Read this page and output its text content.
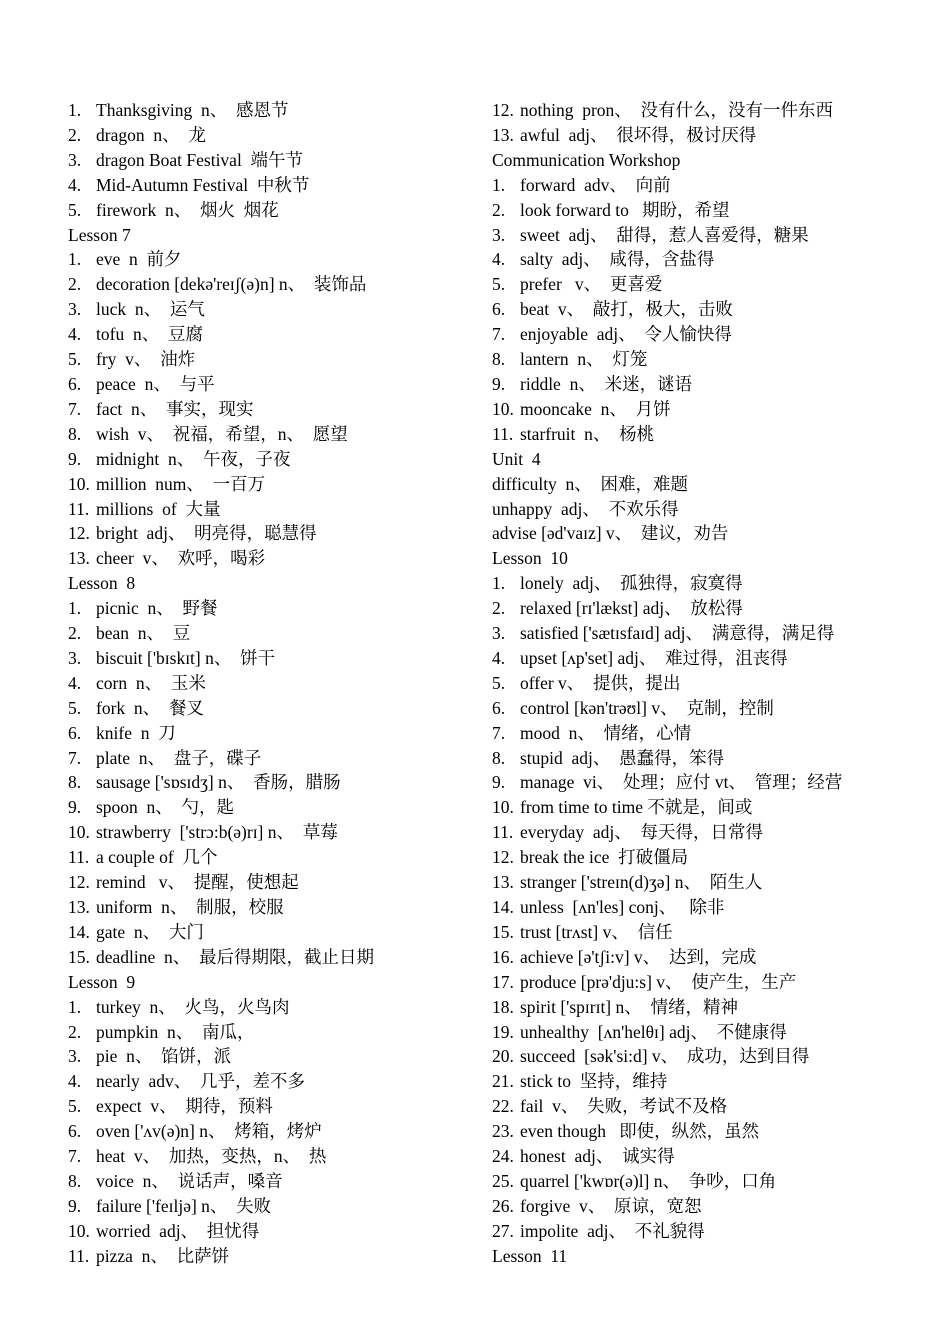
1. Thanksgiving  n、  感恩节
2. dragon  n、  龙
3. dragon Boat Festival  端午节
4. Mid-Autumn Festival  中秋节
5. firework  n、  烟火  烟花
Lesson 7
1. eve  n  前夕
2. decoration [dekə'reɪʃ(ə)n] n、  装饰品
3. luck  n、  运气
4. tofu  n、  豆腐
5. fry  v、  油炸
6. peace  n、  与平
7. fact  n、  事实，现实
8. wish  v、  祝福，希望，n、  愿望
9. midnight  n、  午夜，子夜
10. million  num、  一百万
11. millions  of  大量
12. bright  adj、  明亮得，聪慧得
13. cheer  v、  欢呼，喝彩
Lesson  8
1. picnic  n、  野餐
2. bean  n、  豆
3. biscuit ['bɪskɪt] n、  饼干
4. corn  n、  玉米
5. fork  n、  餐叉
6. knife  n  刀
7. plate  n、  盘子，碟子
8. sausage ['sɒsɪdʒ] n、  香肠，腊肠
9. spoon  n、  勺，匙
10. strawberry  ['strɔ:b(ə)rɪ] n、  草莓
11. a couple of  几个
12. remind   v、  提醒，使想起
13. uniform  n、  制服，校服
14. gate  n、  大门
15. deadline  n、  最后得期限，截止日期
Lesson  9
1. turkey  n、  火鸟，火鸟肉
2. pumpkin  n、  南瓜，
3. pie  n、  馅饼，派
4. nearly  adv、  几乎，差不多
5. expect  v、  期待，预料
6. oven ['ʌv(ə)n] n、  烤箱，烤炉
7. heat  v、  加热，变热，n、  热
8. voice  n、  说话声，嗓音
9. failure ['feɪljə] n、  失败
10. worried  adj、  担忧得
11. pizza  n、  比萨饼
12. nothing  pron、  没有什么，没有一件东西
13. awful  adj、  很坏得，极讨厌得
Communication Workshop
1. forward  adv、  向前
2. look forward to   期盼，希望
3. sweet  adj、  甜得，惹人喜爱得，糖果
4. salty  adj、  咸得，含盐得
5. prefer   v、  更喜爱
6. beat  v、  敲打，极大，击败
7. enjoyable  adj、  令人愉快得
8. lantern  n、  灯笼
9. riddle  n、  米迷，谜语
10. mooncake  n、  月饼
11. starfruit  n、  杨桃
Unit  4
difficulty  n、  困难，难题
unhappy  adj、  不欢乐得
advise [əd'vaɪz] v、  建议，劝告
Lesson  10
1. lonely  adj、  孤独得，寂寞得
2. relaxed [rɪ'lækst] adj、  放松得
3. satisfied ['sætɪsfaɪd] adj、  满意得，满足得
4. upset [ʌp'set] adj、  难过得，沮丧得
5. offer v、  提供，提出
6. control [kən'trəʊl] v、  克制，控制
7. mood  n、  情绪，心情
8. stupid  adj、  愚蠢得，笨得
9. manage  vi、  处理；应付 vt、  管理；经营
10. from time to time 不就是，间或
11. everyday  adj、  每天得，日常得
12. break the ice  打破僵局
13. stranger ['streɪn(d)ʒə] n、  陌生人
14. unless  [ʌn'les] conj、   除非
15. trust [trʌst] v、  信任
16. achieve [ə'tʃi:v] v、  达到，完成
17. produce [prə'dju:s] v、  使产生，生产
18. spirit ['spɪrɪt] n、  情绪，精神
19. unhealthy  [ʌn'helθɪ] adj、  不健康得
20. succeed  [sək'si:d] v、  成功，达到目得
21. stick to  坚持，维持
22. fail  v、  失败，考试不及格
23. even though   即使，纵然，虽然
24. honest  adj、  诚实得
25. quarrel ['kwɒr(ə)l] n、  争吵，口角
26. forgive  v、  原谅，宽恕
27. impolite  adj、  不礼貌得
Lesson  11
